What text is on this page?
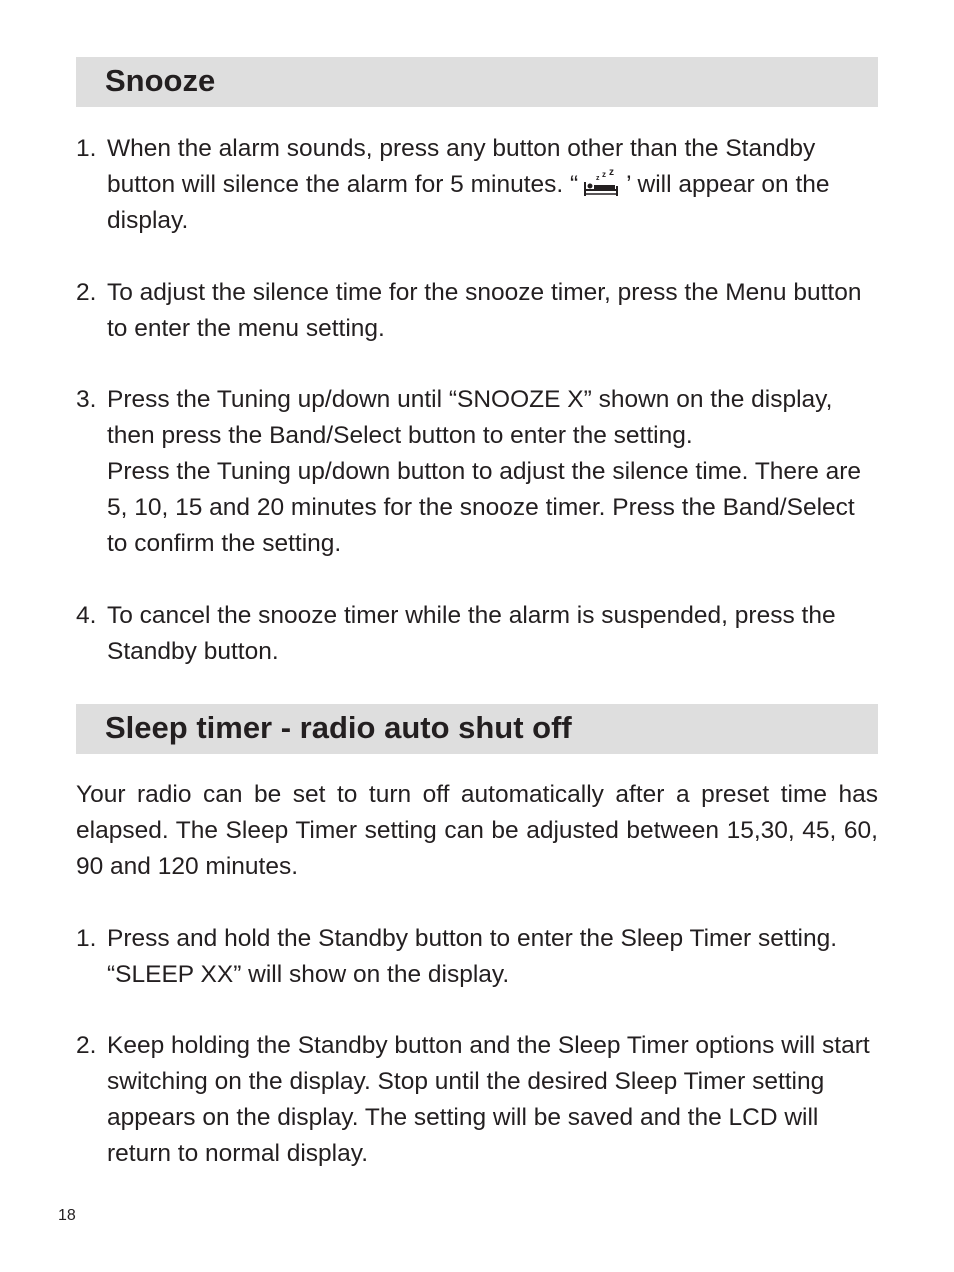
Snooze
1. When the alarm sounds, press any button other than the Standby button will silence the alarm for 5 minutes. “	z z z ’ will appear on the display.
2. To adjust the silence time for the snooze timer, press the Menu button to enter the menu setting.
3. Press the Tuning up/down until “SNOOZE X” shown on the display, then press the Band/Select button to enter the setting.
Press the Tuning up/down button to adjust the silence time. There are 5, 10, 15 and 20 minutes for the snooze timer. Press the Band/Select to confirm the setting.
4. To cancel the snooze timer while the alarm is suspended, press the Standby button.
Sleep timer - radio auto shut off
Your radio can be set to turn off automatically after a preset time has elapsed. The Sleep Timer setting can be adjusted between 15,30, 45, 60, 90 and 120 minutes.
1. Press and hold the Standby button to enter the Sleep Timer setting. “SLEEP XX” will show on the display.
2. Keep holding the Standby button and the Sleep Timer options will start switching on the display. Stop until the desired Sleep Timer setting appears on the display. The setting will be saved and the LCD will return to normal display.
18
